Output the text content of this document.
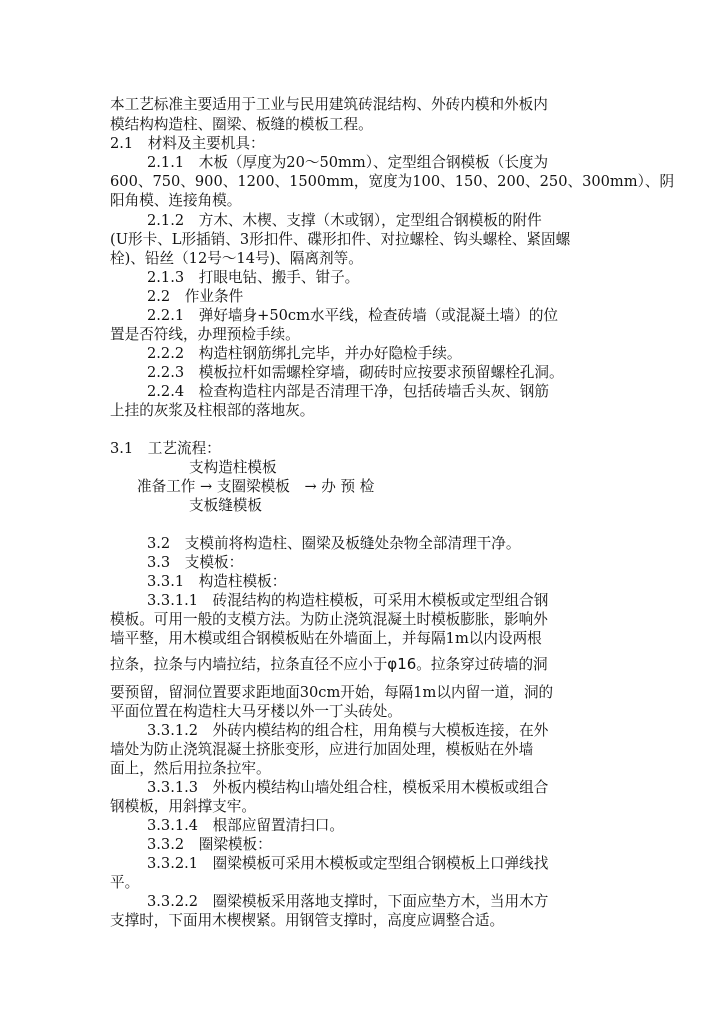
本工艺标准主要适用于工业与民用建筑砖混结构、外砖内模和外板内
模结构构造柱、圈梁、板缝的模板工程。
2.1　材料及主要机具：
2.1.1　木板（厚度为20～50mm）、定型组合钢模板（长度为
600、750、900、1200、1500mm，宽度为100、150、200、250、300mm）、阴
阳角模、连接角模。
2.1.2　方木、木楔、支撑（木或钢），定型组合钢模板的附件
(U形卡、L形插销、3形扣件、碟形扣件、对拉螺栓、钩头螺栓、紧固螺
栓)、铅丝（12号～14号)、隔离剂等。
2.1.3　打眼电钻、搬手、钳子。
2.2　作业条件
2.2.1　弹好墙身+50cm水平线，检查砖墙（或混凝土墙）的位
置是否符线，办理预检手续。
2.2.2　构造柱钢筋绑扎完毕，并办好隐检手续。
2.2.3　模板拉杆如需螺栓穿墙，砌砖时应按要求预留螺栓孔洞。
2.2.4　检查构造柱内部是否清理干净，包括砖墙舌头灰、钢筋
上挂的灰浆及柱根部的落地灰。
3.1　工艺流程：
支构造柱模板
准备工作 → 支圈梁模板　→ 办 预 检
支板缝模板
3.2　支模前将构造柱、圈梁及板缝处杂物全部清理干净。
3.3　支模板：
3.3.1　构造柱模板：
3.3.1.1　砖混结构的构造柱模板，可采用木模板或定型组合钢
模板。可用一般的支模方法。为防止浇筑混凝土时模板膨胀，影响外
墙平整，用木模或组合钢模板贴在外墙面上，并每隔1m以内设两根
拉条，拉条与内墙拉结，拉条直径不应小于φ16。拉条穿过砖墙的洞
要预留，留洞位置要求距地面30cm开始，每隔1m以内留一道，洞的
平面位置在构造柱大马牙楼以外一丁头砖处。
3.3.1.2　外砖内模结构的组合柱，用角模与大模板连接，在外
墙处为防止浇筑混凝土挤胀变形，应进行加固处理，模板贴在外墙
面上，然后用拉条拉牢。
3.3.1.3　外板内模结构山墙处组合柱，模板采用木模板或组合
钢模板，用斜撑支牢。
3.3.1.4　根部应留置清扫口。
3.3.2　圈梁模板：
3.3.2.1　圈梁模板可采用木模板或定型组合钢模板上口弹线找
平。
3.3.2.2　圈梁模板采用落地支撑时，下面应垫方木，当用木方
支撑时，下面用木楔楔紧。用钢管支撑时，高度应调整合适。
